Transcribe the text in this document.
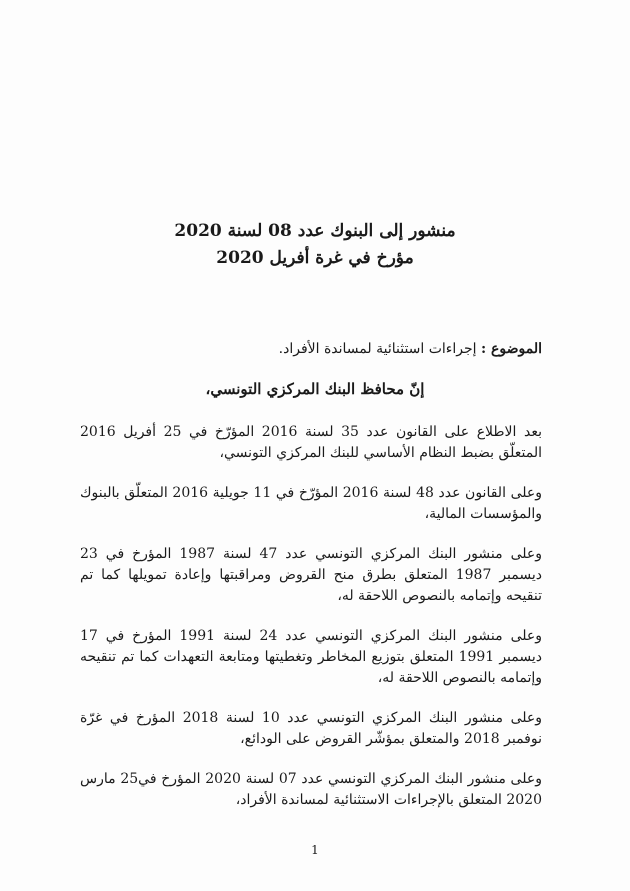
منشور إلى البنوك عدد 08 لسنة 2020

مؤرخ في غرة أفريل 2020

الموضوع : إجراءات استثنائية لمساندة الأفراد.
إنّ محافظ البنك المركزي التونسي،

بعد الاطلاع على القانون عدد 35 لسنة 2016 المؤرّخ في 25 أفريل 2016 المتعلّق بضبط النظام الأساسي للبنك المركزي التونسي،

وعلى القانون عدد 48 لسنة 2016 المؤرّخ في 11 جويلية 2016 المتعلّق بالبنوك والمؤسسات المالية،

وعلى منشور البنك المركزي التونسي عدد 47 لسنة 1987 المؤرخ في 23 ديسمبر 1987 المتعلق بطرق منح القروض ومراقبتها وإعادة تمويلها كما تم تنقيحه وإتمامه بالنصوص اللاحقة له،

وعلى منشور البنك المركزي التونسي عدد 24 لسنة 1991 المؤرخ في 17 ديسمبر 1991 المتعلق بتوزيع المخاطر وتغطيتها ومتابعة التعهدات كما تم تنقيحه وإتمامه بالنصوص اللاحقة له،

وعلى منشور البنك المركزي التونسي عدد 10 لسنة 2018 المؤرخ في غرّة نوفمبر 2018 والمتعلق بمؤشّر القروض على الودائع،

وعلى منشور البنك المركزي التونسي عدد 07 لسنة 2020 المؤرخ في25 مارس 2020 المتعلق بالإجراءات الاستثنائية لمساندة الأفراد،

1
